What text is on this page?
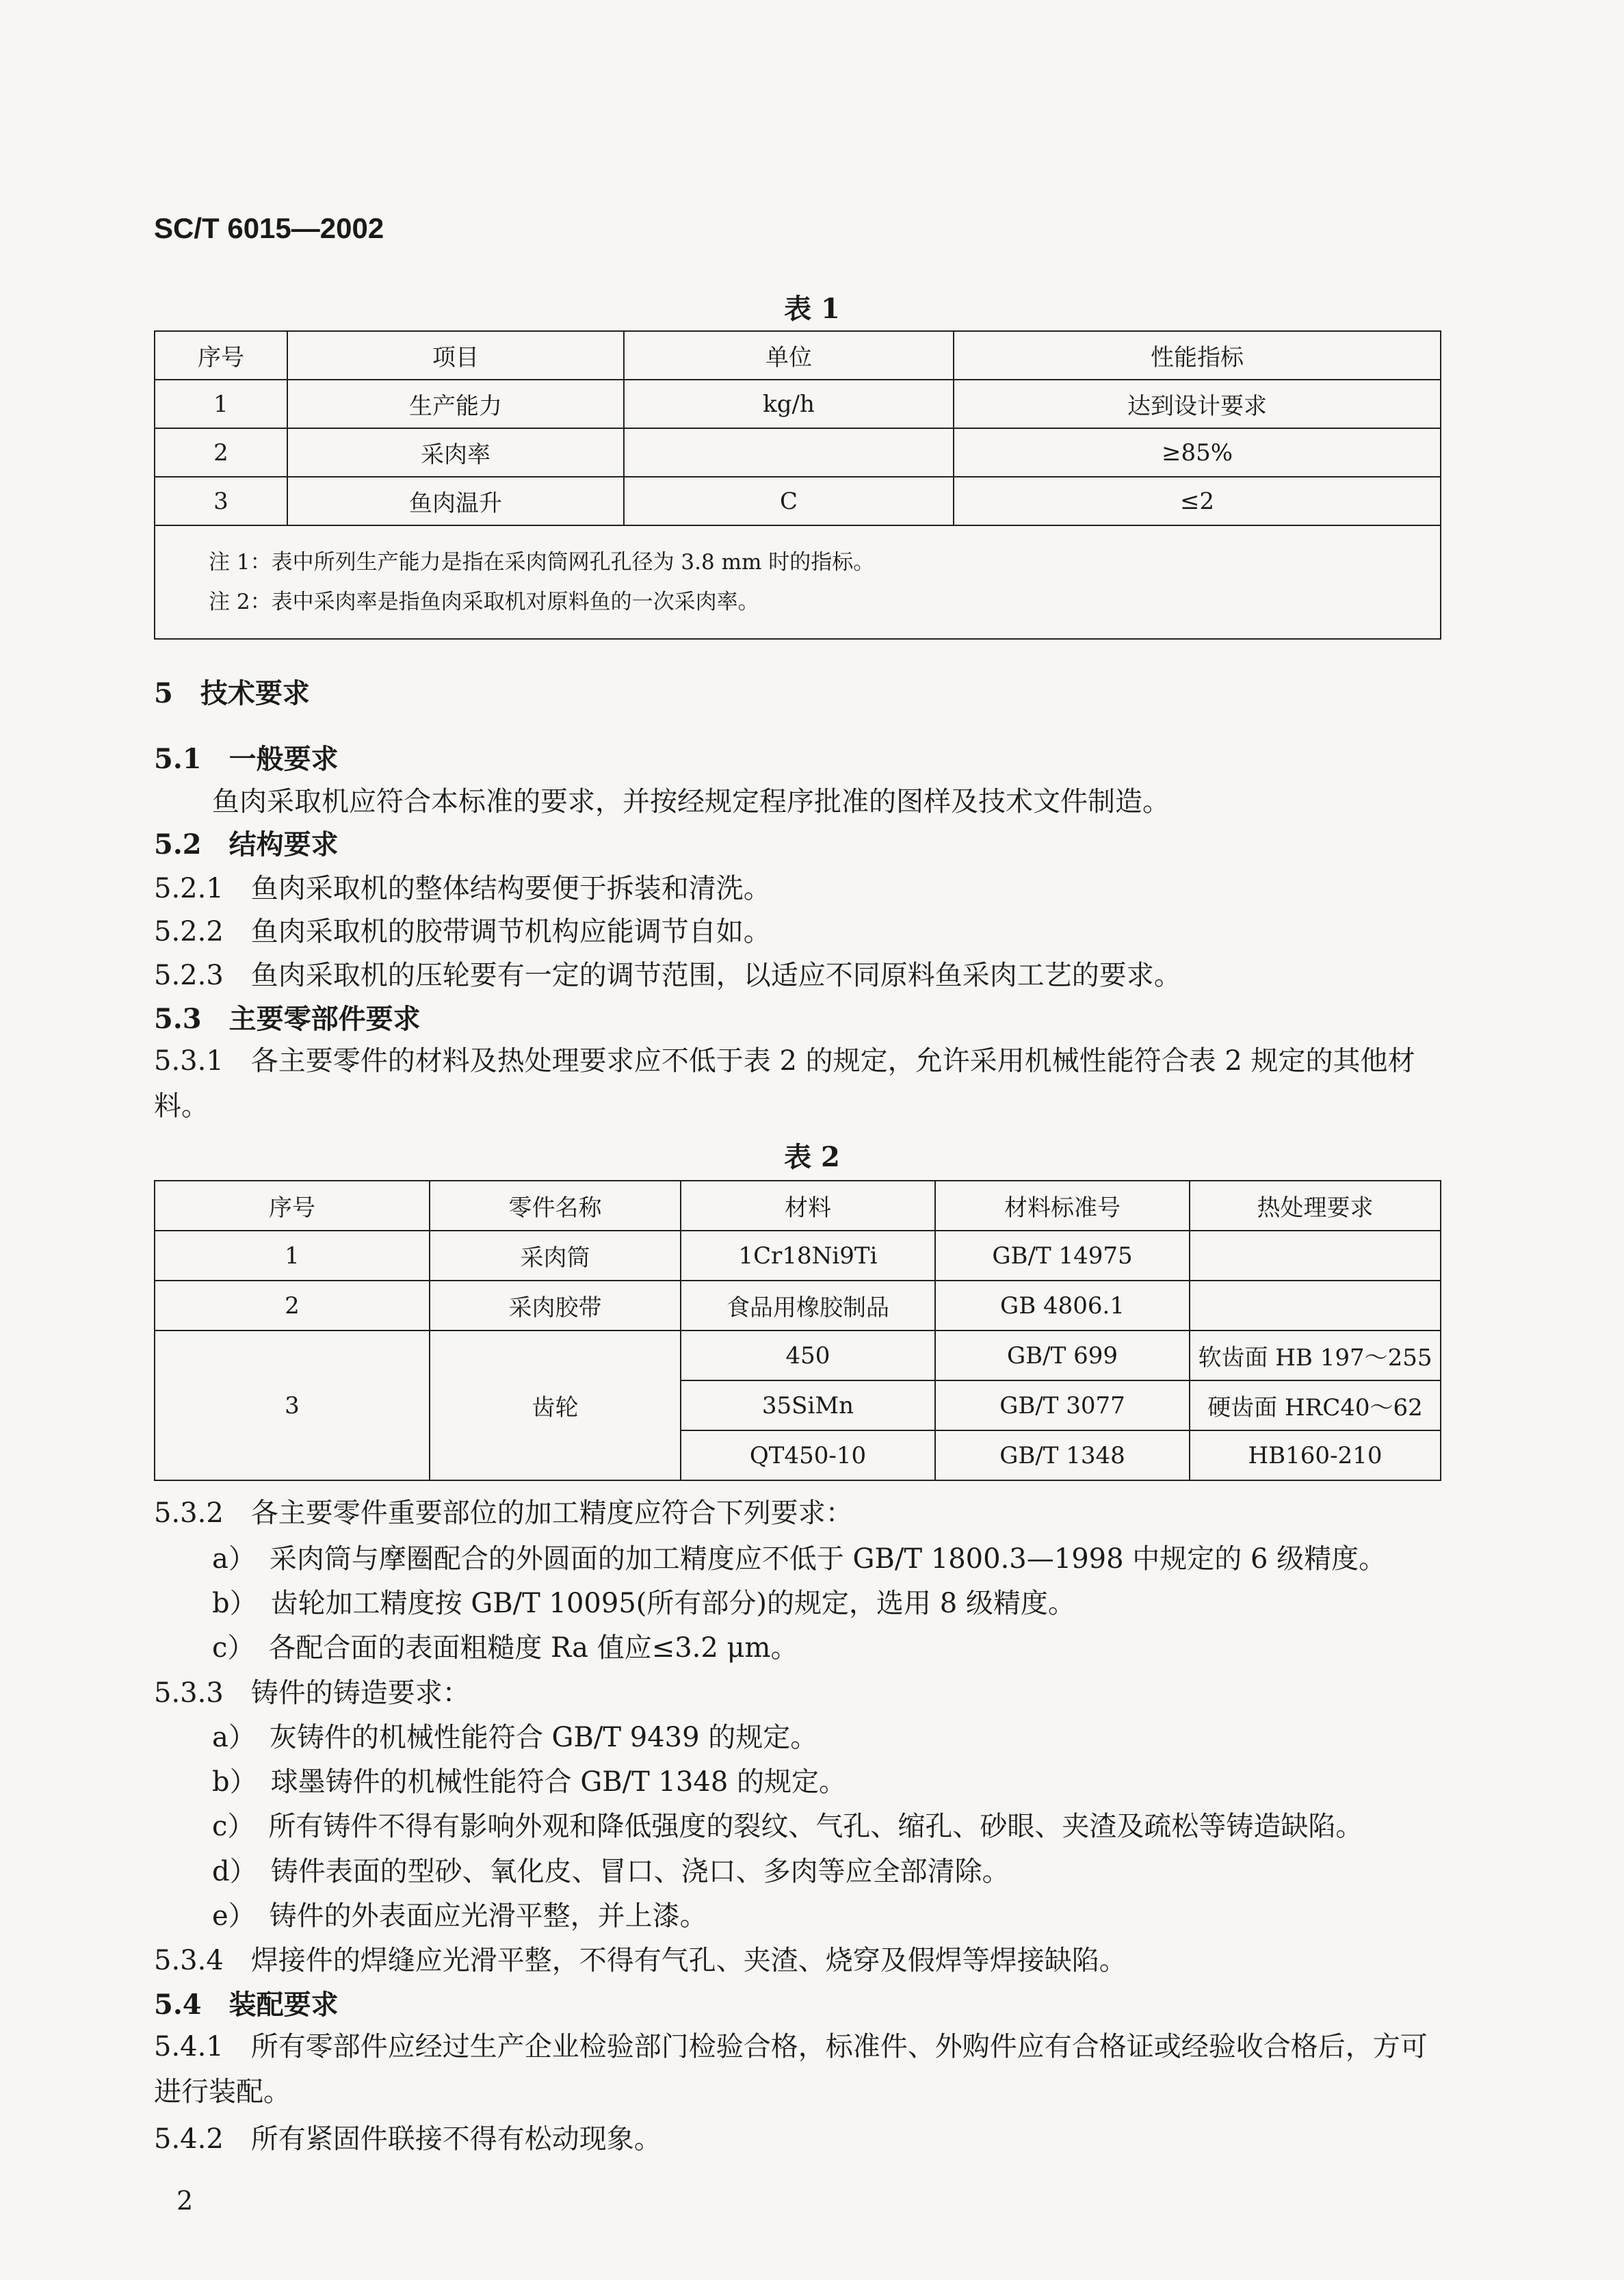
SC/T 6015—2002
表 1
序号	项目	单位	性能指标
1	生产能力	kg/h	达到设计要求
2	采肉率		≥85%
3	鱼肉温升	C	≤2

注 1：表中所列生产能力是指在采肉筒网孔孔径为 3.8 mm 时的指标。
注 2：表中采肉率是指鱼肉采取机对原料鱼的一次采肉率。			
5　技术要求
5.1　一般要求
鱼肉采取机应符合本标准的要求，并按经规定程序批准的图样及技术文件制造。
5.2　结构要求
5.2.1　鱼肉采取机的整体结构要便于拆装和清洗。
5.2.2　鱼肉采取机的胶带调节机构应能调节自如。
5.2.3　鱼肉采取机的压轮要有一定的调节范围，以适应不同原料鱼采肉工艺的要求。
5.3　主要零部件要求
5.3.1　各主要零件的材料及热处理要求应不低于表 2 的规定，允许采用机械性能符合表 2 规定的其他材料。
表 2
序号	零件名称	材料	材料标准号	热处理要求
1	采肉筒	1Cr18Ni9Ti	GB/T 14975	
2	采肉胶带	食品用橡胶制品	GB 4806.1	
3	齿轮	450	GB/T 699	软齿面 HB 197～255
		35SiMn	GB/T 3077	硬齿面 HRC40～62
		QT450-10	GB/T 1348	HB160-210
5.3.2　各主要零件重要部位的加工精度应符合下列要求：
a）　采肉筒与摩圈配合的外圆面的加工精度应不低于 GB/T 1800.3—1998 中规定的 6 级精度。
b）　齿轮加工精度按 GB/T 10095(所有部分)的规定，选用 8 级精度。
c）　各配合面的表面粗糙度 Ra 值应≤3.2 μm。
5.3.3　铸件的铸造要求：
a）　灰铸件的机械性能符合 GB/T 9439 的规定。
b）　球墨铸件的机械性能符合 GB/T 1348 的规定。
c）　所有铸件不得有影响外观和降低强度的裂纹、气孔、缩孔、砂眼、夹渣及疏松等铸造缺陷。
d）　铸件表面的型砂、氧化皮、冒口、浇口、多肉等应全部清除。
e）　铸件的外表面应光滑平整，并上漆。
5.3.4　焊接件的焊缝应光滑平整，不得有气孔、夹渣、烧穿及假焊等焊接缺陷。
5.4　装配要求
5.4.1　所有零部件应经过生产企业检验部门检验合格，标准件、外购件应有合格证或经验收合格后，方可进行装配。
5.4.2　所有紧固件联接不得有松动现象。
2
